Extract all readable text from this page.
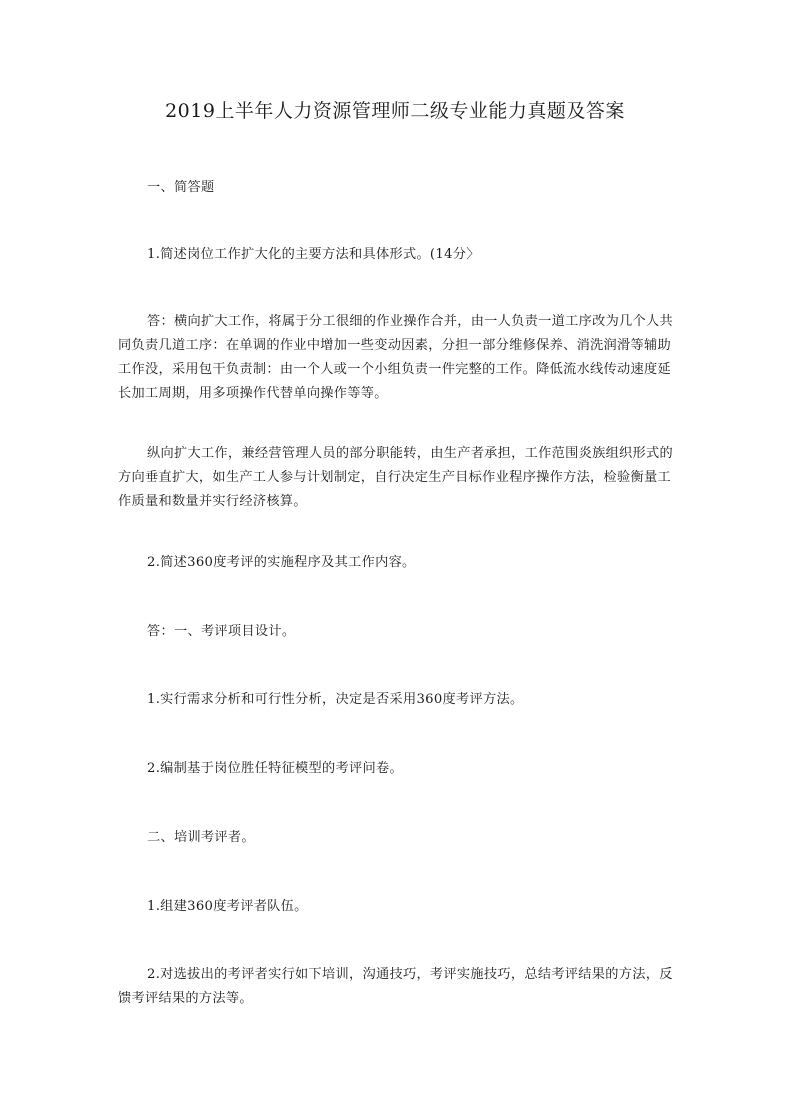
2019上半年人力资源管理师二级专业能力真题及答案

一、简答题

1.简述岗位工作扩大化的主要方法和具体形式。(14分〉

答：横向扩大工作，将属于分工很细的作业操作合并，由一人负责一道工序改为几个人共同负责几道工序：在单调的作业中增加一些变动因素，分担一部分维修保养、消洗润滑等辅助工作没，采用包干负责制：由一个人或一个小组负责一件完整的工作。降低流水线传动速度延长加工周期，用多项操作代替单向操作等等。

纵向扩大工作，兼经营管理人员的部分职能转，由生产者承担，工作范围炎族组织形式的方向垂直扩大，如生产工人参与计划制定，自行决定生产目标作业程序操作方法，检验衡量工作质量和数量并实行经济核算。

2.简述360度考评的实施程序及其工作内容。

答：一、考评项目设计。

1.实行需求分析和可行性分析，决定是否采用360度考评方法。

2.编制基于岗位胜任特征模型的考评问卷。

二、培训考评者。

1.组建360度考评者队伍。

2.对选拔出的考评者实行如下培训，沟通技巧，考评实施技巧，总结考评结果的方法，反馈考评结果的方法等。
